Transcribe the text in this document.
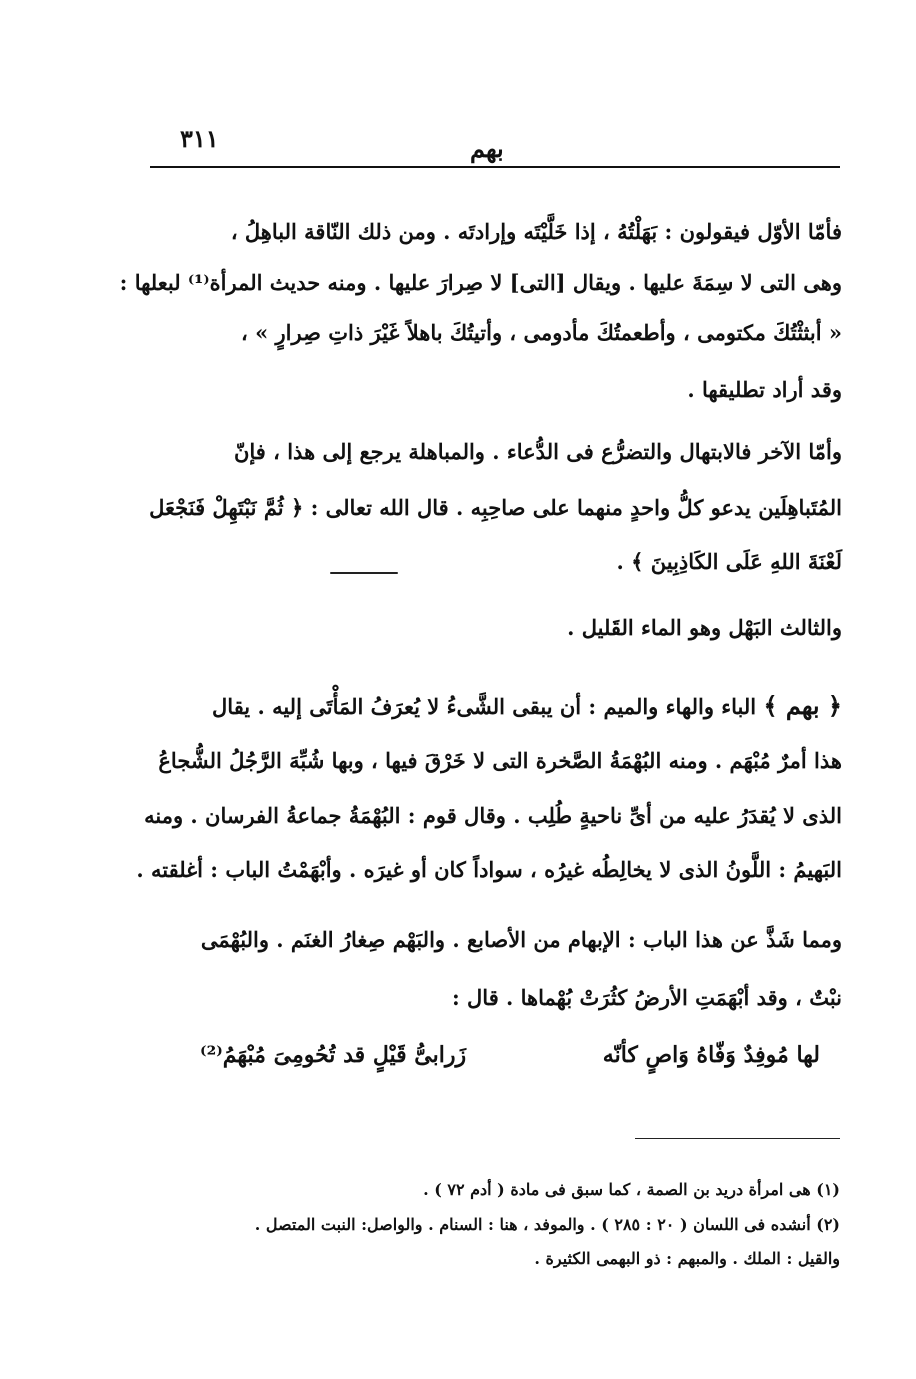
٣١١	بهم
فأمّا الأوّل فيقولون : بَهَلْتُهُ ، إذا خَلَّيْتَه وإرادتَه . ومن ذلك النّاقة الباهِلُ ،
وهى التى لا سِمَةَ عليها . ويقال [التى] لا صِرارَ عليها . ومنه حديث المرأة⁽¹⁾ لبعلها :
« أبثثْتُكَ مكتومى ، وأطعمتُكَ مأدومى ، وأتيتُكَ باهلاً غَيْرَ ذاتِ صِرارٍ » ،
وقد أراد تطليقها .
وأمّا الآخر فالابتهال والتضرُّع فى الدُّعاء . والمباهلة يرجع إلى هذا ، فإنّ
المُتَباهِلَين يدعو كلُّ واحدٍ منهما على صاحِبِه . قال الله تعالى : ﴿ ثُمَّ نَبْتَهِلْ فَنَجْعَل
لَعْنَةَ اللهِ عَلَى الكَاذِبِينَ ﴾ .
والثالث البَهْل وهو الماء القَليل .
﴿ بهم ﴾ الباء والهاء والميم : أن يبقى الشَّىءُ لا يُعرَفُ المَأْتَى إليه . يقال
هذا أمرٌ مُبْهَم . ومنه البُهْمَةُ الصَّخرة التى لا خَرْقَ فيها ، وبها شُبِّهَ الرَّجُلُ الشُّجاعُ
الذى لا يُقدَرُ عليه من أىِّ ناحيةٍ طُلِب . وقال قوم : البُهْمَةُ جماعةُ الفرسان . ومنه
البَهيمُ : اللَّونُ الذى لا يخالِطُه غيرُه ، سواداً كان أو غيرَه . وأبْهَمْتُ الباب : أغلقته .
ومما شَذَّ عن هذا الباب : الإبهام من الأصابع . والبَهْم صِغارُ الغنَم . والبُهْمَى
نبْتٌ ، وقد أبْهَمَتِ الأرضُ كثُرَتْ بُهْماها . قال :
لها مُوفِدٌ وَفّاهُ وَاصٍ كأنّه
زَرابىُّ قَيْلٍ قد تُحُومِىَ مُبْهَمُ⁽²⁾
(١) هى امرأة دريد بن الصمة ، كما سبق فى مادة ( أدم ٧٢ ) .
(٢) أنشده فى اللسان ( ٢٠ : ٢٨٥ ) . والموفد ، هنا : السنام . والواصل: النبت المتصل .
والقيل : الملك . والمبهم : ذو البهمى الكثيرة .
